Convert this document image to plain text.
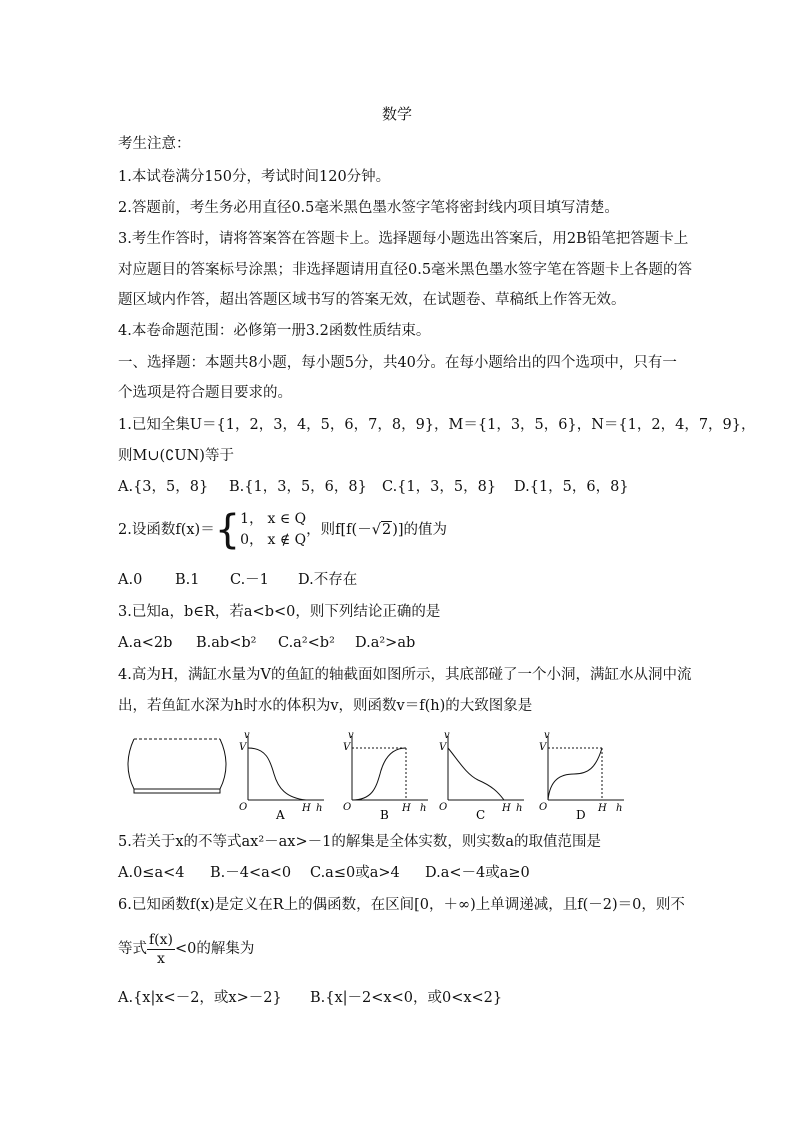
数学
考生注意：
1.本试卷满分150分，考试时间120分钟。
2.答题前，考生务必用直径0.5毫米黑色墨水签字笔将密封线内项目填写清楚。
3.考生作答时，请将答案答在答题卡上。选择题每小题选出答案后，用2B铅笔把答题卡上
对应题目的答案标号涂黑；非选择题请用直径0.5毫米黑色墨水签字笔在答题卡上各题的答
题区域内作答，超出答题区域书写的答案无效，在试题卷、草稿纸上作答无效。
4.本卷命题范围：必修第一册3.2函数性质结束。
一、选择题：本题共8小题，每小题5分，共40分。在每小题给出的四个选项中，只有一
个选项是符合题目要求的。
1.已知全集U＝{1，2，3，4，5，6，7，8，9}，M＝{1，3，5，6}，N＝{1，2，4，7，9}，
则M∪(∁UN)等于
A.{3，5，8} B.{1，3，5，6，8} C.{1，3，5，8} D.{1，5，6，8}
2.设函数f(x)＝{ 1， x ∈ Q
0， x ∉ Q
，则f[f(－√2)]的值为
A.0 B.1 C.－1 D.不存在
3.已知a，b∈R，若a<b<0，则下列结论正确的是
A.a<2b B.ab<b² C.a²<b² D.a²>ab
4.高为H，满缸水量为V的鱼缸的轴截面如图所示，其底部碰了一个小洞，满缸水从洞中流
出，若鱼缸水深为h时水的体积为v，则函数v＝f(h)的大致图象是
v
V
O	H h
A
v
V
O	H h
B
v
V
O	H h
C
v
V
O	H h
D
5.若关于x的不等式ax²－ax>－1的解集是全体实数，则实数a的取值范围是
A.0≤a<4 B.－4<a<0 C.a≤0或a>4 D.a<－4或a≥0
6.已知函数f(x)是定义在R上的偶函数，在区间[0，＋∞)上单调递减，且f(－2)＝0，则不
等式 $\frac{f(x)}{x} <0$的解集为
A.{x|x<－2，或x>－2} B.{x|－2<x<0，或0<x<2}
